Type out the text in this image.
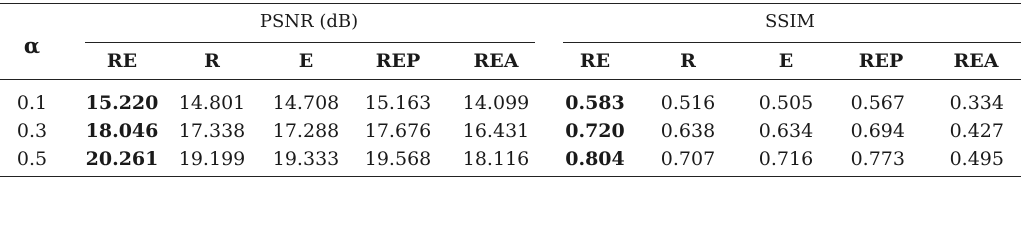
α
PSNR (dB)	SSIM
RE	R	E	REP	REA	RE	R	E	REP	REA
0.1 15.220 14.801 14.708 15.163 14.099 0.583 0.516 0.505 0.567 0.334
0.3 18.046 17.338 17.288 17.676 16.431 0.720 0.638 0.634 0.694 0.427
0.5 20.261 19.199 19.333 19.568 18.116 0.804 0.707 0.716 0.773 0.495
